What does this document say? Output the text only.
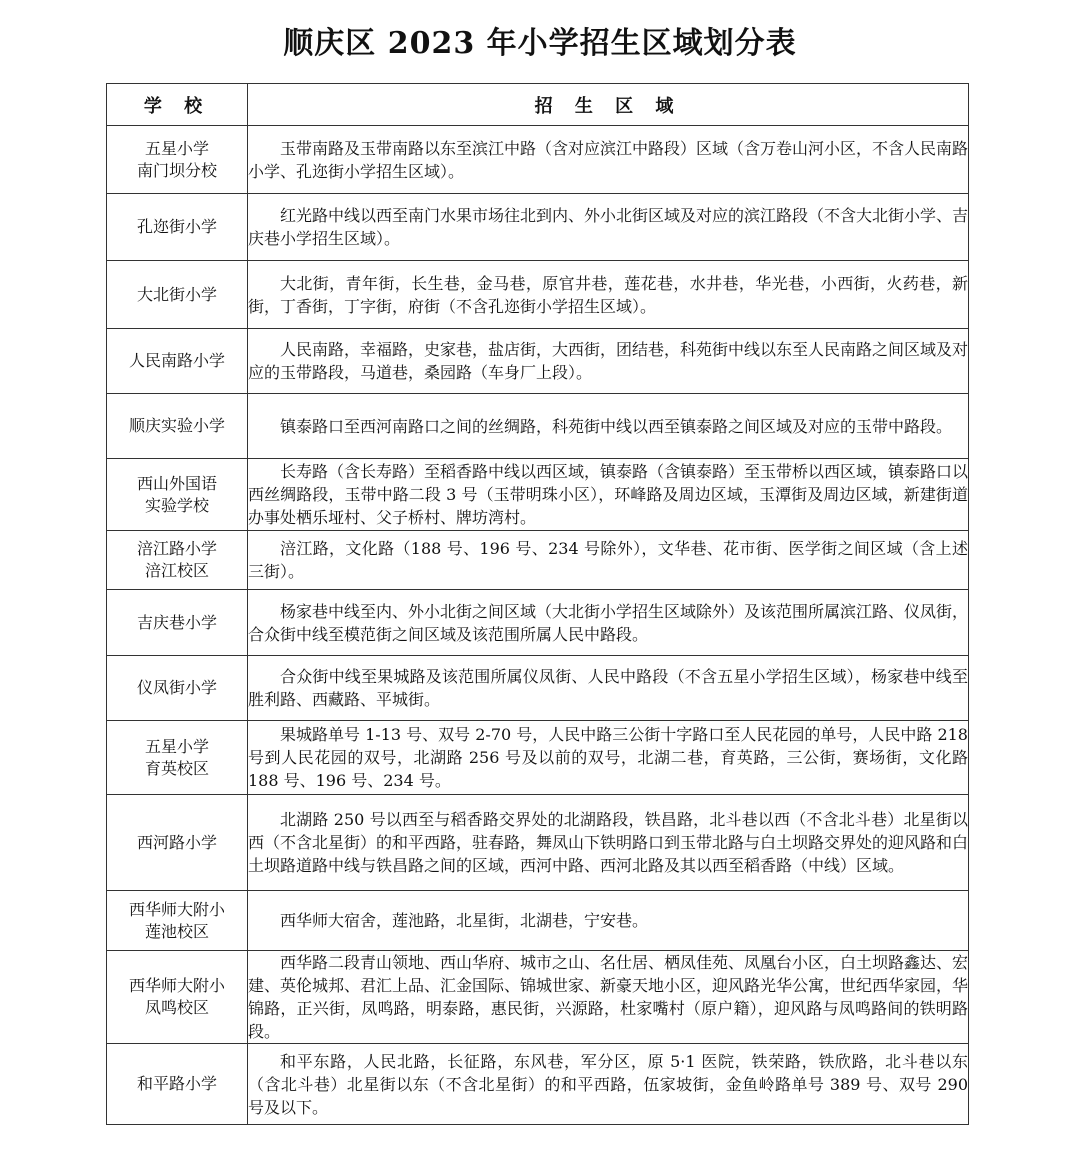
顺庆区 2023 年小学招生区域划分表
学 校	招 生 区 域
五星小学
南门坝分校	玉带南路及玉带南路以东至滨江中路（含对应滨江中路段）区域（含万卷山河小区，不含人民南路小学、孔迩街小学招生区域）。
孔迩街小学	红光路中线以西至南门水果市场往北到内、外小北街区域及对应的滨江路段（不含大北街小学、吉庆巷小学招生区域）。
大北街小学	大北街，青年街，长生巷，金马巷，原官井巷，莲花巷，水井巷，华光巷，小西街，火药巷，新街，丁香街，丁字街，府街（不含孔迩街小学招生区域）。
人民南路小学	人民南路，幸福路，史家巷，盐店街，大西街，团结巷，科苑街中线以东至人民南路之间区域及对应的玉带路段，马道巷，桑园路（车身厂上段）。
顺庆实验小学	镇泰路口至西河南路口之间的丝绸路，科苑街中线以西至镇泰路之间区域及对应的玉带中路段。
西山外国语
实验学校	长寿路（含长寿路）至稻香路中线以西区域，镇泰路（含镇泰路）至玉带桥以西区域，镇泰路口以西丝绸路段，玉带中路二段 3 号（玉带明珠小区），环峰路及周边区域，玉潭街及周边区域，新建街道办事处栖乐垭村、父子桥村、牌坊湾村。
涪江路小学
涪江校区	涪江路，文化路（188 号、196 号、234 号除外），文华巷、花市街、医学街之间区域（含上述三街）。
吉庆巷小学	杨家巷中线至内、外小北街之间区域（大北街小学招生区域除外）及该范围所属滨江路、仪凤街，合众街中线至模范街之间区域及该范围所属人民中路段。
仪凤街小学	合众街中线至果城路及该范围所属仪凤街、人民中路段（不含五星小学招生区域），杨家巷中线至胜利路、西藏路、平城街。
五星小学
育英校区	果城路单号 1-13 号、双号 2-70 号，人民中路三公街十字路口至人民花园的单号，人民中路 218 号到人民花园的双号，北湖路 256 号及以前的双号，北湖二巷，育英路，三公街，赛场街，文化路 188 号、196 号、234 号。
西河路小学	北湖路 250 号以西至与稻香路交界处的北湖路段，铁昌路，北斗巷以西（不含北斗巷）北星街以西（不含北星街）的和平西路，驻春路，舞凤山下铁明路口到玉带北路与白土坝路交界处的迎风路和白土坝路道路中线与铁昌路之间的区域，西河中路、西河北路及其以西至稻香路（中线）区域。
西华师大附小
莲池校区	西华师大宿舍，莲池路，北星街，北湖巷，宁安巷。
西华师大附小
凤鸣校区	西华路二段青山领地、西山华府、城市之山、名仕居、栖凤佳苑、凤凰台小区，白土坝路鑫达、宏建、英伦城邦、君汇上品、汇金国际、锦城世家、新豪天地小区，迎风路光华公寓，世纪西华家园，华锦路，正兴街，凤鸣路，明泰路，惠民街，兴源路，杜家嘴村（原户籍），迎风路与凤鸣路间的铁明路段。
和平路小学	和平东路，人民北路，长征路，东风巷，军分区，原 5·1 医院，铁荣路，铁欣路，北斗巷以东（含北斗巷）北星街以东（不含北星街）的和平西路，伍家坡街，金鱼岭路单号 389 号、双号 290 号及以下。
